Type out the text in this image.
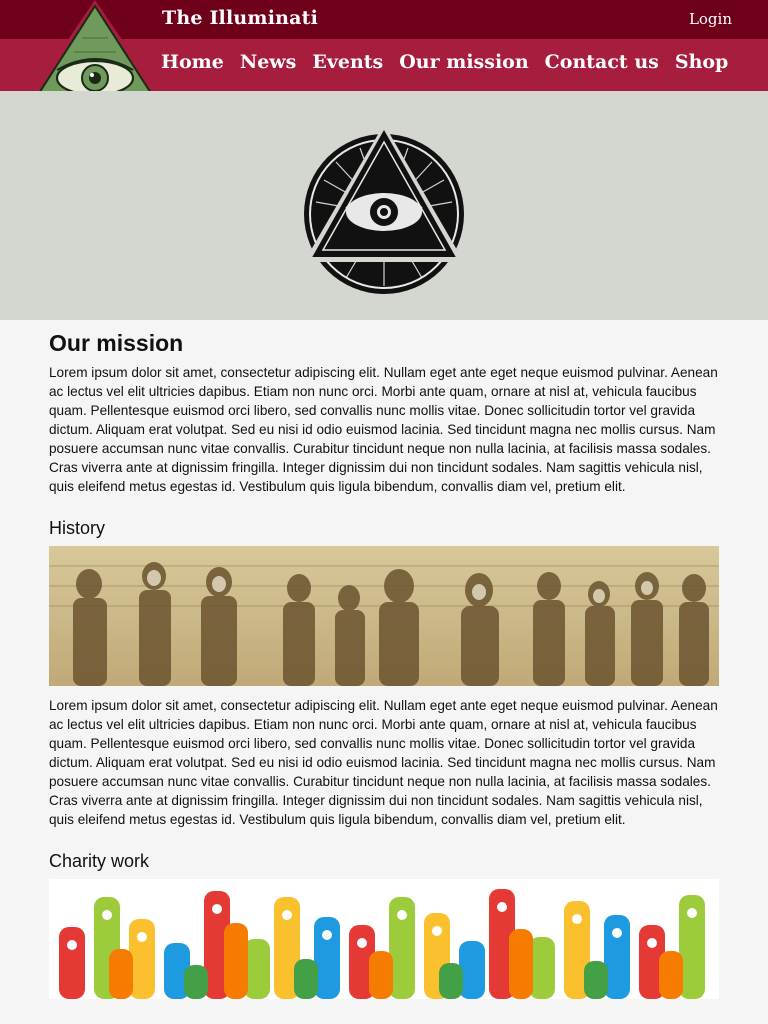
The Illuminati	Login
Home News Events Our mission Contact us Shop
Our mission

Lorem ipsum dolor sit amet, consectetur adipiscing elit. Nullam eget ante eget neque euismod pulvinar. Aenean ac lectus vel elit ultricies dapibus. Etiam non nunc orci. Morbi ante quam, ornare at nisl at, vehicula faucibus quam. Pellentesque euismod orci libero, sed convallis nunc mollis vitae. Donec sollicitudin tortor vel gravida dictum. Aliquam erat volutpat. Sed eu nisi id odio euismod lacinia. Sed tincidunt magna nec mollis cursus. Nam posuere accumsan nunc vitae convallis. Curabitur tincidunt neque non nulla lacinia, at facilisis massa sodales. Cras viverra ante at dignissim fringilla. Integer dignissim dui non tincidunt sodales. Nam sagittis vehicula nisl, quis eleifend metus egestas id. Vestibulum quis ligula bibendum, convallis diam vel, pretium elit.

History

Lorem ipsum dolor sit amet, consectetur adipiscing elit. Nullam eget ante eget neque euismod pulvinar. Aenean ac lectus vel elit ultricies dapibus. Etiam non nunc orci. Morbi ante quam, ornare at nisl at, vehicula faucibus quam. Pellentesque euismod orci libero, sed convallis nunc mollis vitae. Donec sollicitudin tortor vel gravida dictum. Aliquam erat volutpat. Sed eu nisi id odio euismod lacinia. Sed tincidunt magna nec mollis cursus. Nam posuere accumsan nunc vitae convallis. Curabitur tincidunt neque non nulla lacinia, at facilisis massa sodales. Cras viverra ante at dignissim fringilla. Integer dignissim dui non tincidunt sodales. Nam sagittis vehicula nisl, quis eleifend metus egestas id. Vestibulum quis ligula bibendum, convallis diam vel, pretium elit.

Charity work
